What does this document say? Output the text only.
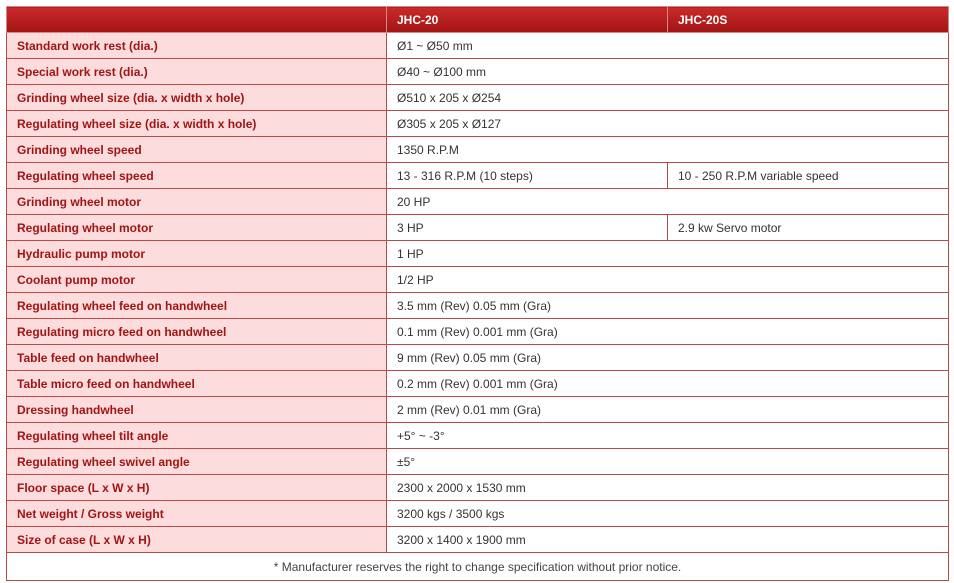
	JHC-20	JHC-20S
Standard work rest (dia.)	Ø1 ~ Ø50 mm	
Special work rest (dia.)	Ø40 ~ Ø100 mm	
Grinding wheel size (dia. x width x hole)	Ø510 x 205 x Ø254	
Regulating wheel size (dia. x width x hole)	Ø305 x 205 x Ø127	
Grinding wheel speed	1350 R.P.M	
Regulating wheel speed	13 - 316 R.P.M (10 steps)	10 - 250 R.P.M variable speed
Grinding wheel motor	20 HP	
Regulating wheel motor	3 HP	2.9 kw Servo motor
Hydraulic pump motor	1 HP	
Coolant pump motor	1/2 HP	
Regulating wheel feed on handwheel	3.5 mm (Rev) 0.05 mm (Gra)	
Regulating micro feed on handwheel	0.1 mm (Rev) 0.001 mm (Gra)	
Table feed on handwheel	9 mm (Rev) 0.05 mm (Gra)	
Table micro feed on handwheel	0.2 mm (Rev) 0.001 mm (Gra)	
Dressing handwheel	2 mm (Rev) 0.01 mm (Gra)	
Regulating wheel tilt angle	+5° ~ -3°	
Regulating wheel swivel angle	±5°	
Floor space (L x W x H)	2300 x 2000 x 1530 mm	
Net weight / Gross weight	3200 kgs / 3500 kgs	
Size of case (L x W x H)	3200 x 1400 x 1900 mm	
* Manufacturer reserves the right to change specification without prior notice.		
